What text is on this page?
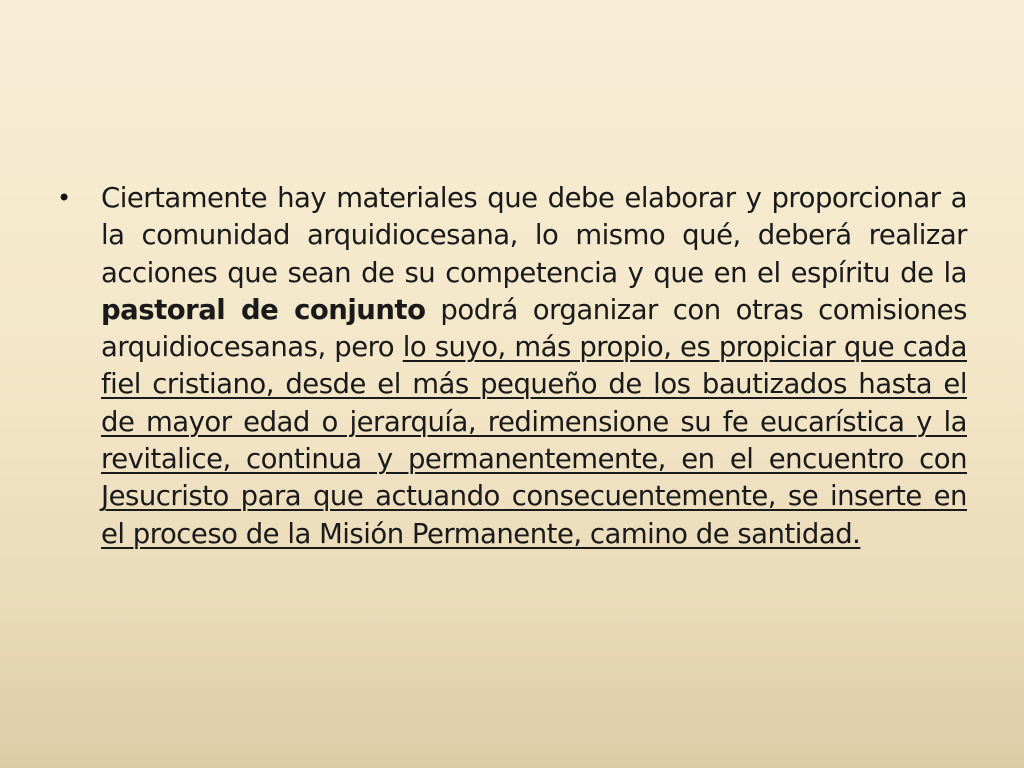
•	Ciertamente hay materiales que debe elaborar y proporcionar a la comunidad arquidiocesana, lo mismo qué, deberá realizar acciones que sean de su competencia y que en el espíritu de la pastoral de conjunto podrá organizar con otras comisiones arquidiocesanas, pero lo suyo, más propio, es propiciar que cada fiel cristiano, desde el más pequeño de los bautizados hasta el de mayor edad o jerarquía, redimensione su fe eucarística y la revitalice, continua y permanentemente, en el encuentro con Jesucristo para que actuando consecuentemente, se inserte en el proceso de la Misión Permanente, camino de santidad.
